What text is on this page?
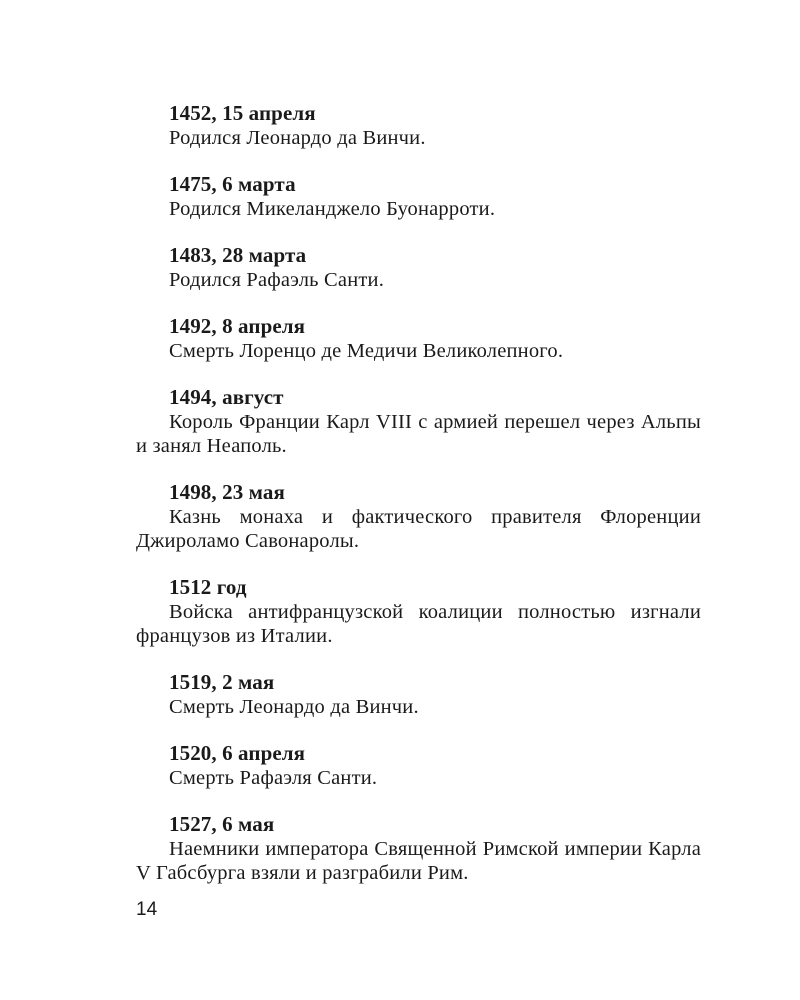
1452, 15 апреля
Родился Леонардо да Винчи.
1475, 6 марта
Родился Микеланджело Буонарроти.
1483, 28 марта
Родился Рафаэль Санти.
1492, 8 апреля
Смерть Лоренцо де Медичи Великолепного.
1494, август
Король Франции Карл VIII с армией перешел через Альпы и занял Неаполь.
1498, 23 мая
Казнь монаха и фактического правителя Флоренции Джироламо Савонаролы.
1512 год
Войска антифранцузской коалиции полностью изгнали французов из Италии.
1519, 2 мая
Смерть Леонардо да Винчи.
1520, 6 апреля
Смерть Рафаэля Санти.
1527, 6 мая
Наемники императора Священной Римской империи Карла V Габсбурга взяли и разграбили Рим.
14
